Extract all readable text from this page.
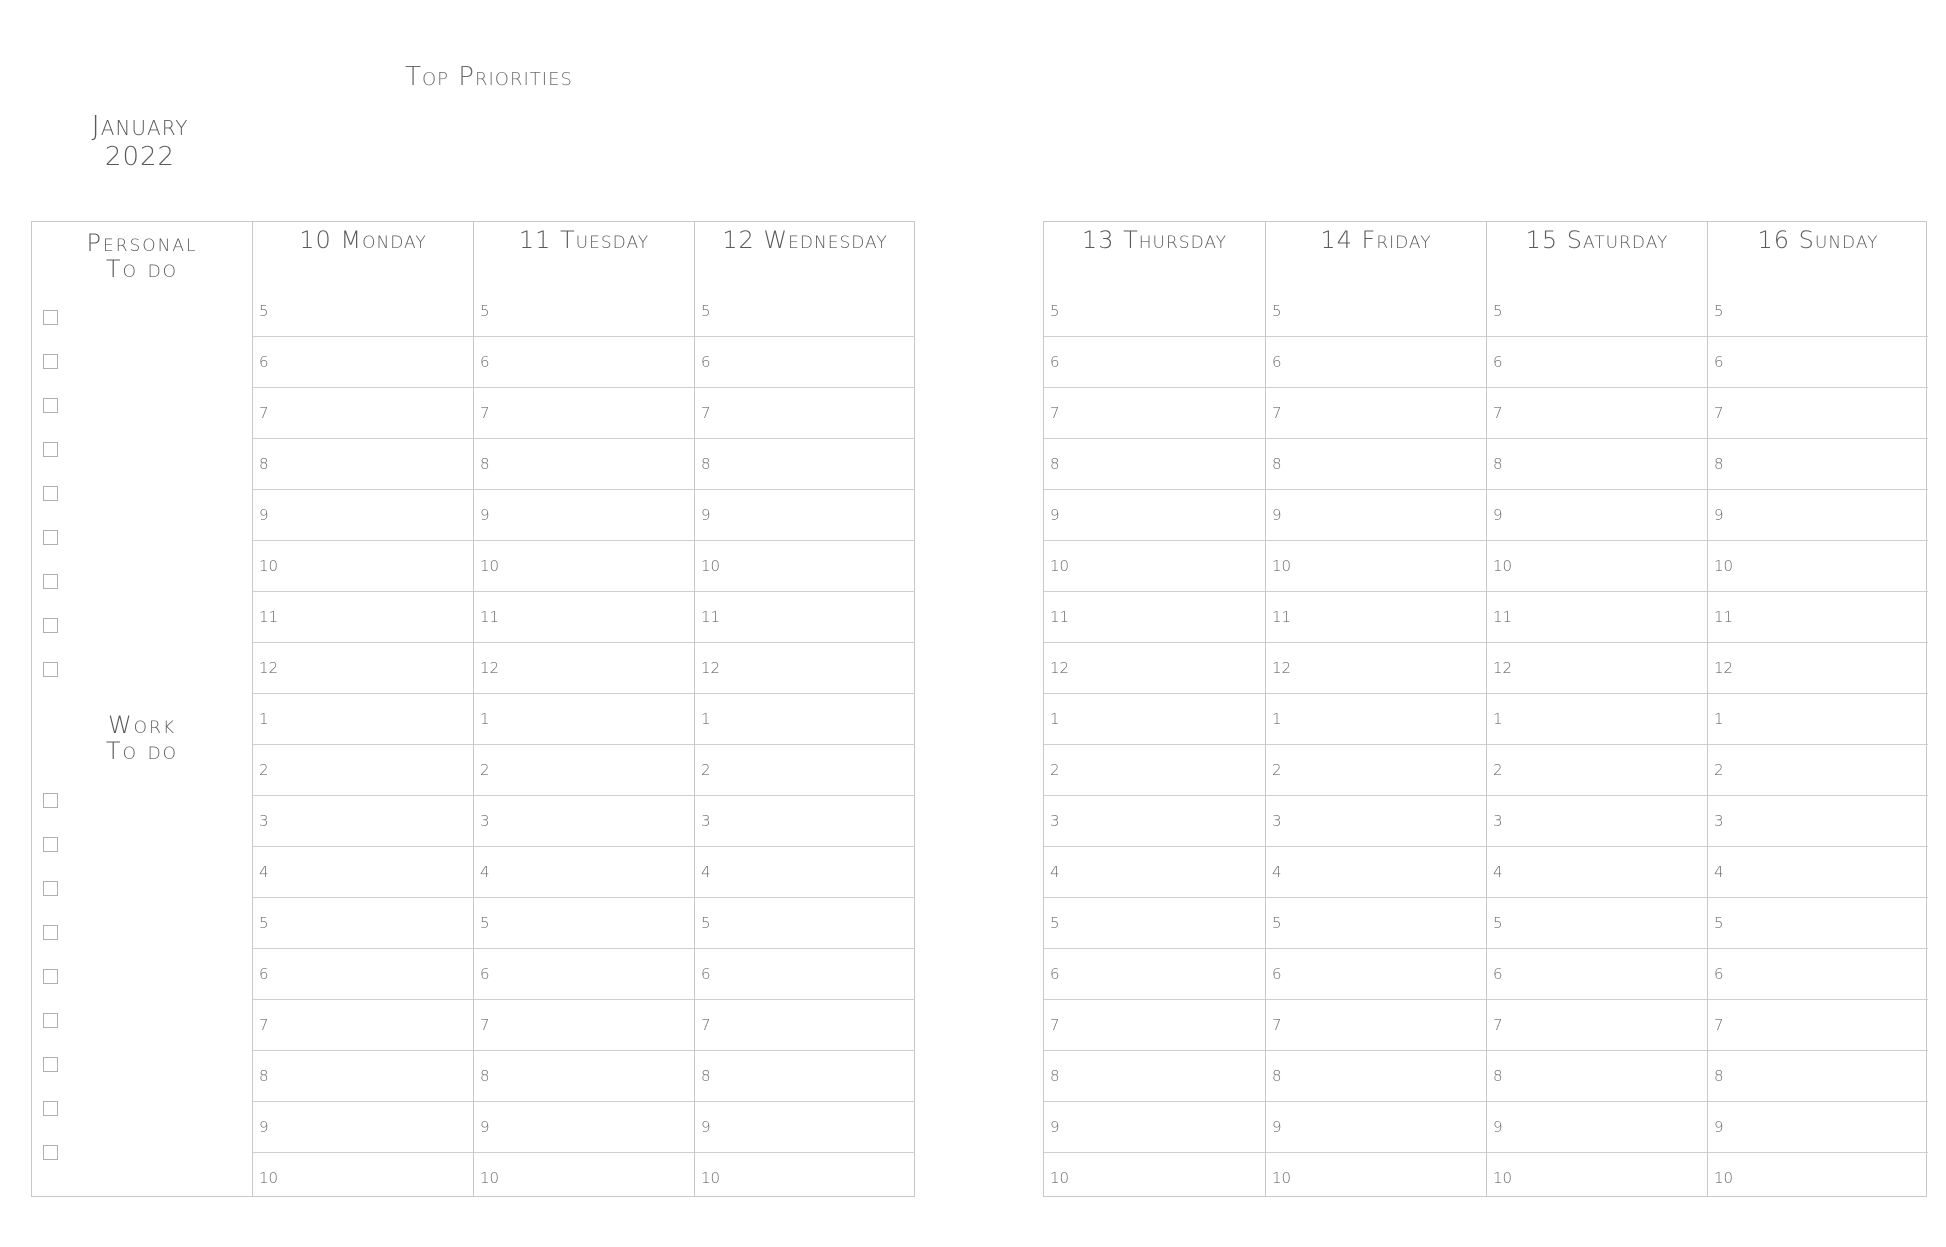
Top Priorities
January
2022
Personal
To do
Work
To do
10 Monday
5
6
7
8
9
10
11
12
1
2
3
4
5
6
7
8
9
10
11 Tuesday
5
6
7
8
9
10
11
12
1
2
3
4
5
6
7
8
9
10
12 Wednesday
5
6
7
8
9
10
11
12
1
2
3
4
5
6
7
8
9
10
13 Thursday
5
6
7
8
9
10
11
12
1
2
3
4
5
6
7
8
9
10
14 Friday
5
6
7
8
9
10
11
12
1
2
3
4
5
6
7
8
9
10
15 Saturday
5
6
7
8
9
10
11
12
1
2
3
4
5
6
7
8
9
10
16 Sunday
5
6
7
8
9
10
11
12
1
2
3
4
5
6
7
8
9
10
